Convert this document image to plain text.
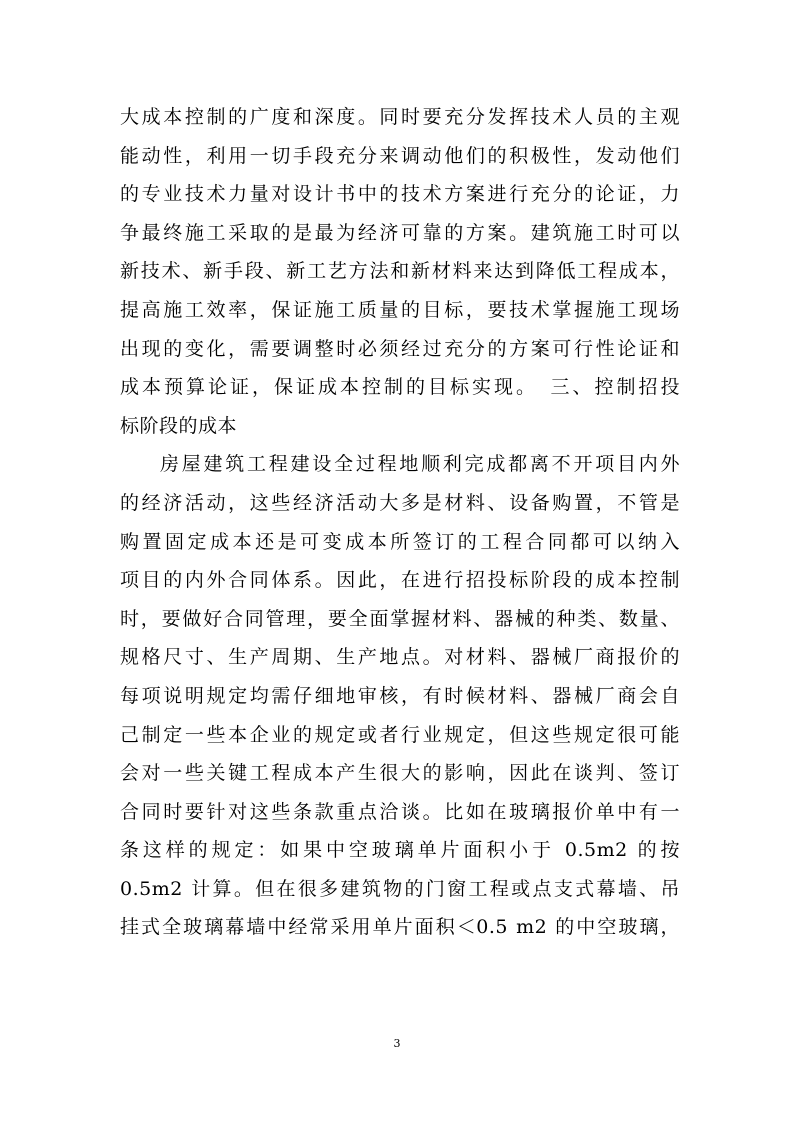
大成本控制的广度和深度。同时要充分发挥技术人员的主观
能动性，利用一切手段充分来调动他们的积极性，发动他们
的专业技术力量对设计书中的技术方案进行充分的论证，力
争最终施工采取的是最为经济可靠的方案。建筑施工时可以
新技术、新手段、新工艺方法和新材料来达到降低工程成本，
提高施工效率，保证施工质量的目标，要技术掌握施工现场
出现的变化，需要调整时必须经过充分的方案可行性论证和
成本预算论证，保证成本控制的目标实现。　三、控制招投
标阶段的成本
房屋建筑工程建设全过程地顺利完成都离不开项目内外
的经济活动，这些经济活动大多是材料、设备购置，不管是
购置固定成本还是可变成本所签订的工程合同都可以纳入
项目的内外合同体系。因此，在进行招投标阶段的成本控制
时，要做好合同管理，要全面掌握材料、器械的种类、数量、
规格尺寸、生产周期、生产地点。对材料、器械厂商报价的
每项说明规定均需仔细地审核，有时候材料、器械厂商会自
己制定一些本企业的规定或者行业规定，但这些规定很可能
会对一些关键工程成本产生很大的影响，因此在谈判、签订
合同时要针对这些条款重点洽谈。比如在玻璃报价单中有一
条这样的规定：如果中空玻璃单片面积小于 0.5m2 的按
0.5m2 计算。但在很多建筑物的门窗工程或点支式幕墙、吊
挂式全玻璃幕墙中经常采用单片面积＜0.5 m2 的中空玻璃，
3
